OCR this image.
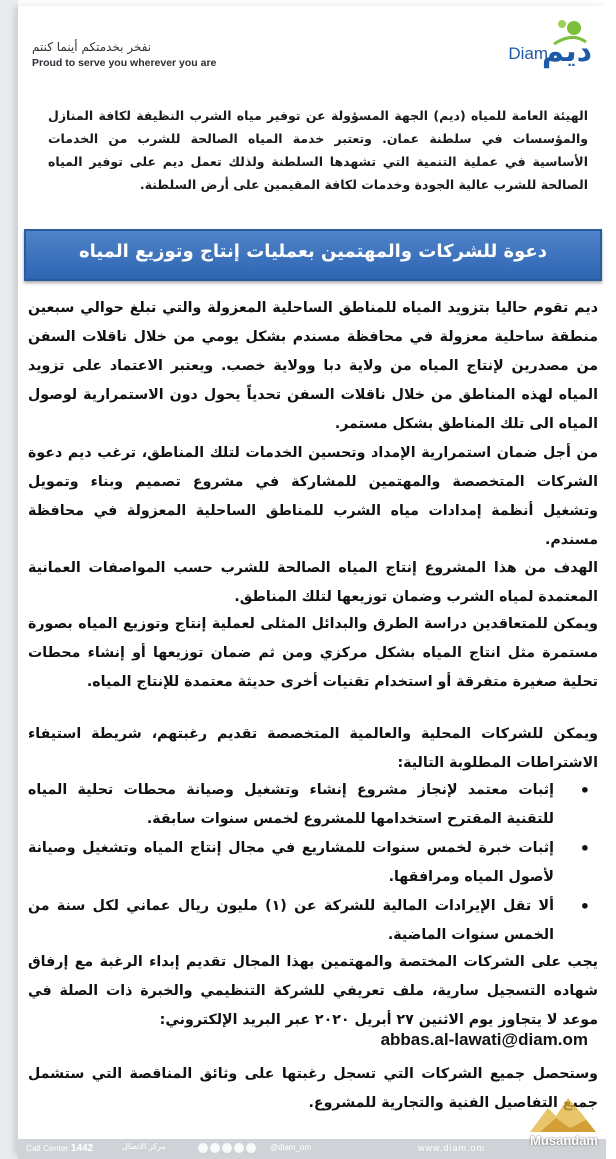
نفخر بخدمتكم أينما كنتم
Proud to serve you wherever you are	ديم
Diam
الهيئة العامة للمياه (ديم) الجهة المسؤولة عن توفير مياه الشرب النظيفة لكافة المنازل والمؤسسات في سلطنة عمان. وتعتبر خدمة المياه الصالحة للشرب من الخدمات الأساسية في عملية التنمية التي تشهدها السلطنة ولذلك تعمل ديم على توفير المياه الصالحة للشرب عالية الجودة وخدمات لكافة المقيمين على أرض السلطنة.
دعوة للشركات والمهتمين بعمليات إنتاج وتوزيع المياه
ديم تقوم حاليا بتزويد المياه للمناطق الساحلية المعزولة والتي تبلغ حوالي سبعين منطقة ساحلية معزولة في محافظة مسندم بشكل يومي من خلال ناقلات السفن من مصدرين لإنتاج المياه من ولاية دبا وولاية خصب. ويعتبر الاعتماد على تزويد المياه لهذه المناطق من خلال ناقلات السفن تحدياً يحول دون الاستمرارية لوصول المياه الى تلك المناطق بشكل مستمر.
من أجل ضمان استمرارية الإمداد وتحسين الخدمات لتلك المناطق، ترغب ديم دعوة الشركات المتخصصة والمهتمين للمشاركة في مشروع تصميم وبناء وتمويل وتشغيل أنظمة إمدادات مياه الشرب للمناطق الساحلية المعزولة في محافظة مسندم.
الهدف من هذا المشروع إنتاج المياه الصالحة للشرب حسب المواصفات العمانية المعتمدة لمياه الشرب وضمان توزيعها لتلك المناطق.
ويمكن للمتعاقدين دراسة الطرق والبدائل المثلى لعملية إنتاج وتوزيع المياه بصورة مستمرة مثل انتاج المياه بشكل مركزي ومن ثم ضمان توزيعها أو إنشاء محطات تحلية صغيرة متفرقة أو استخدام تقنيات أخرى حديثة معتمدة للإنتاج المياه.
ويمكن للشركات المحلية والعالمية المتخصصة تقديم رغبتهم، شريطة استيفاء الاشتراطات المطلوبة التالية:
•
إثبات معتمد لإنجاز مشروع إنشاء وتشغيل وصيانة محطات تحلية المياه للتقنية المقترح استخدامها للمشروع لخمس سنوات سابقة.
•
إثبات خبرة لخمس سنوات للمشاريع في مجال إنتاج المياه وتشغيل وصيانة لأصول المياه ومرافقها.
•
ألا تقل الإيرادات المالية للشركة عن (١) مليون ريال عماني لكل سنة من الخمس سنوات الماضية.
يجب على الشركات المختصة والمهتمين بهذا المجال تقديم إبداء الرغبة مع إرفاق شهاده التسجيل سارية، ملف تعريفي للشركة التنظيمي والخبرة ذات الصلة في موعد لا يتجاوز يوم الاثنين ٢٧ أبريل ٢٠٢٠ عبر البريد الإلكتروني:
abbas.al-lawati@diam.om
وستحصل جميع الشركات التي تسجل رغبتها على وثائق المناقصة التي ستشمل جميع التفاصيل الفنية والتجارية للمشروع.
Call Center 1442	مركز الاتصال	@diam_om	www.diam.om	Musandam
